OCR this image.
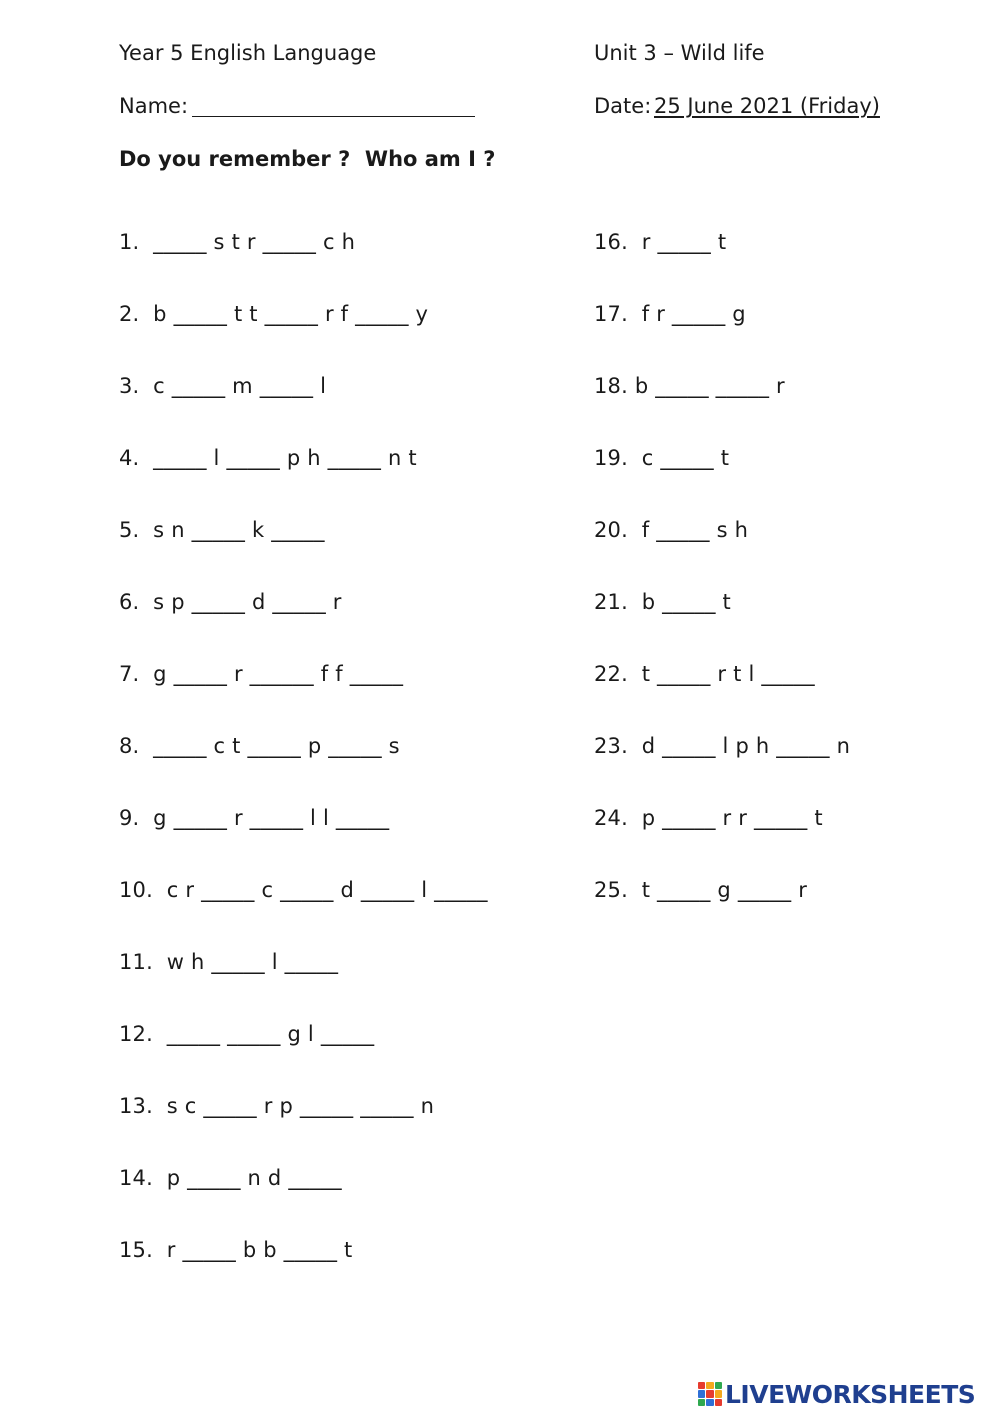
Year 5 English Language	Unit 3 – Wild life
Name:	Date:
25 June 2021 (Friday)
Do you remember ?  Who am I ?
1.  _____ s t r _____ c h
2.  b _____ t t _____ r f _____ y
3.  c _____ m _____ l
4.  _____ l _____ p h _____ n t
5.  s n _____ k _____
6.  s p _____ d _____ r
7.  g _____ r ______ f f _____
8.  _____ c t _____ p _____ s
9.  g _____ r _____ l l _____
10.  c r _____ c _____ d _____ l _____
11.  w h _____ l _____
12.  _____ _____ g l _____
13.  s c _____ r p _____ _____ n
14.  p _____ n d _____
15.  r _____ b b _____ t
16.  r _____ t
17.  f r _____ g
18. b _____ _____ r
19.  c _____ t
20.  f _____ s h
21.  b _____ t
22.  t _____ r t l _____
23.  d _____ l p h _____ n
24.  p _____ r r _____ t
25.  t _____ g _____ r
LIVEWORKSHEETS
